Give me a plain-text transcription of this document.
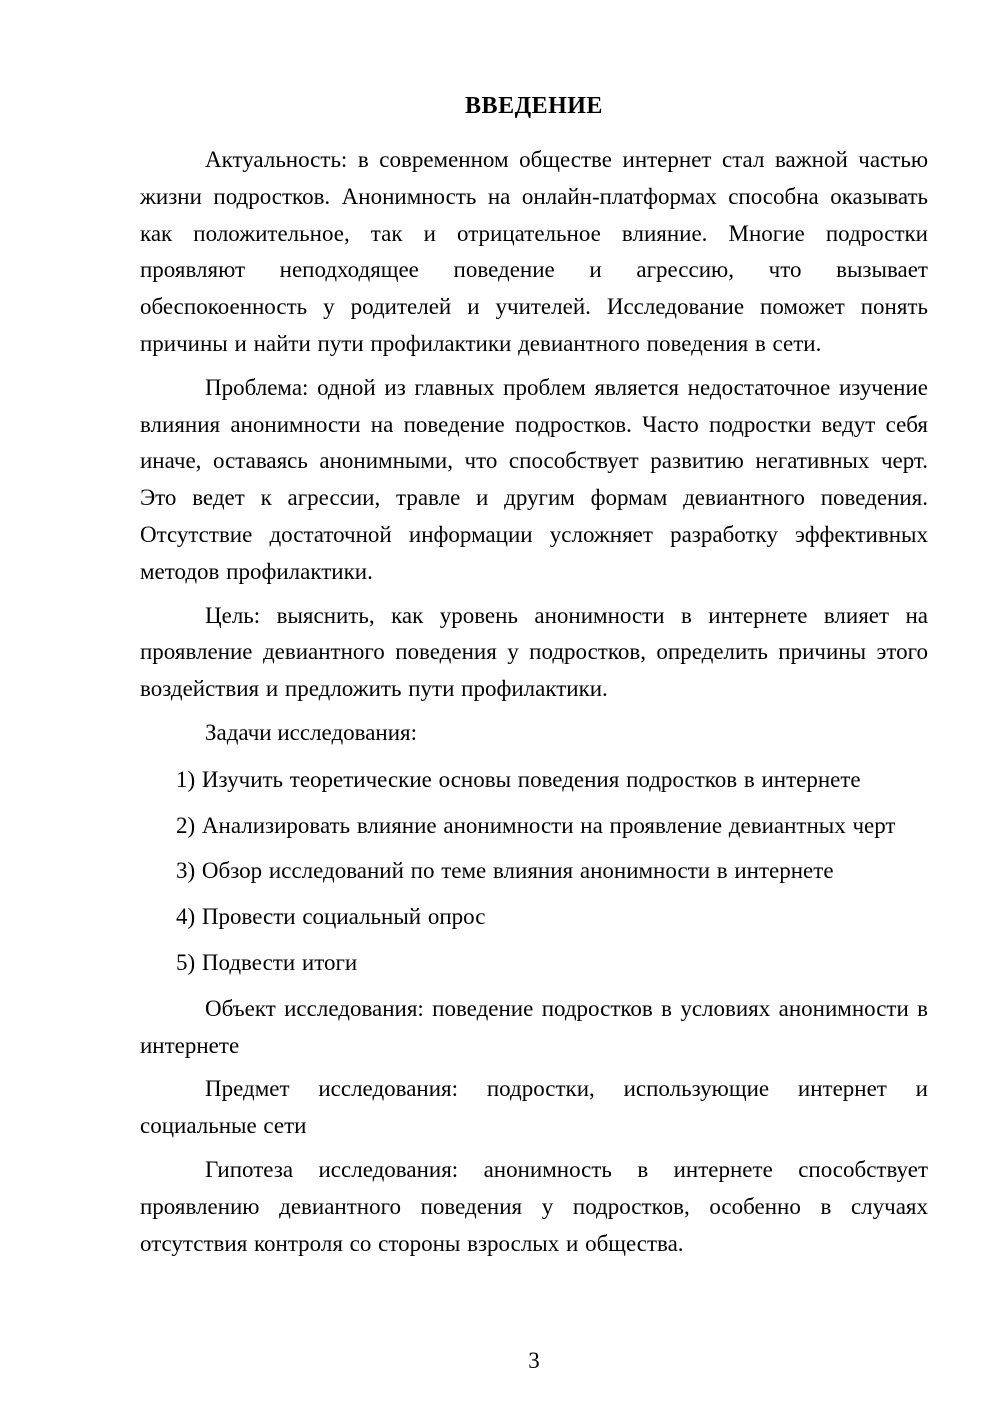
ВВЕДЕНИЕ

Актуальность: в современном обществе интернет стал важной частью жизни подростков. Анонимность на онлайн-платформах способна оказывать как положительное, так и отрицательное влияние. Многие подростки проявляют неподходящее поведение и агрессию, что вызывает обеспокоенность у родителей и учителей. Исследование поможет понять причины и найти пути профилактики девиантного поведения в сети.

Проблема: одной из главных проблем является недостаточное изучение влияния анонимности на поведение подростков. Часто подростки ведут себя иначе, оставаясь анонимными, что способствует развитию негативных черт. Это ведет к агрессии, травле и другим формам девиантного поведения. Отсутствие достаточной информации усложняет разработку эффективных методов профилактики.

Цель: выяснить, как уровень анонимности в интернете влияет на проявление девиантного поведения у подростков, определить причины этого воздействия и предложить пути профилактики.

Задачи исследования:

1) Изучить теоретические основы поведения подростков в интернете

2) Анализировать влияние анонимности на проявление девиантных черт

3) Обзор исследований по теме влияния анонимности в интернете

4) Провести социальный опрос

5) Подвести итоги

Объект исследования: поведение подростков в условиях анонимности в интернете

Предмет исследования: подростки, использующие интернет и социальные сети

Гипотеза исследования: анонимность в интернете способствует проявлению девиантного поведения у подростков, особенно в случаях отсутствия контроля со стороны взрослых и общества.

3
